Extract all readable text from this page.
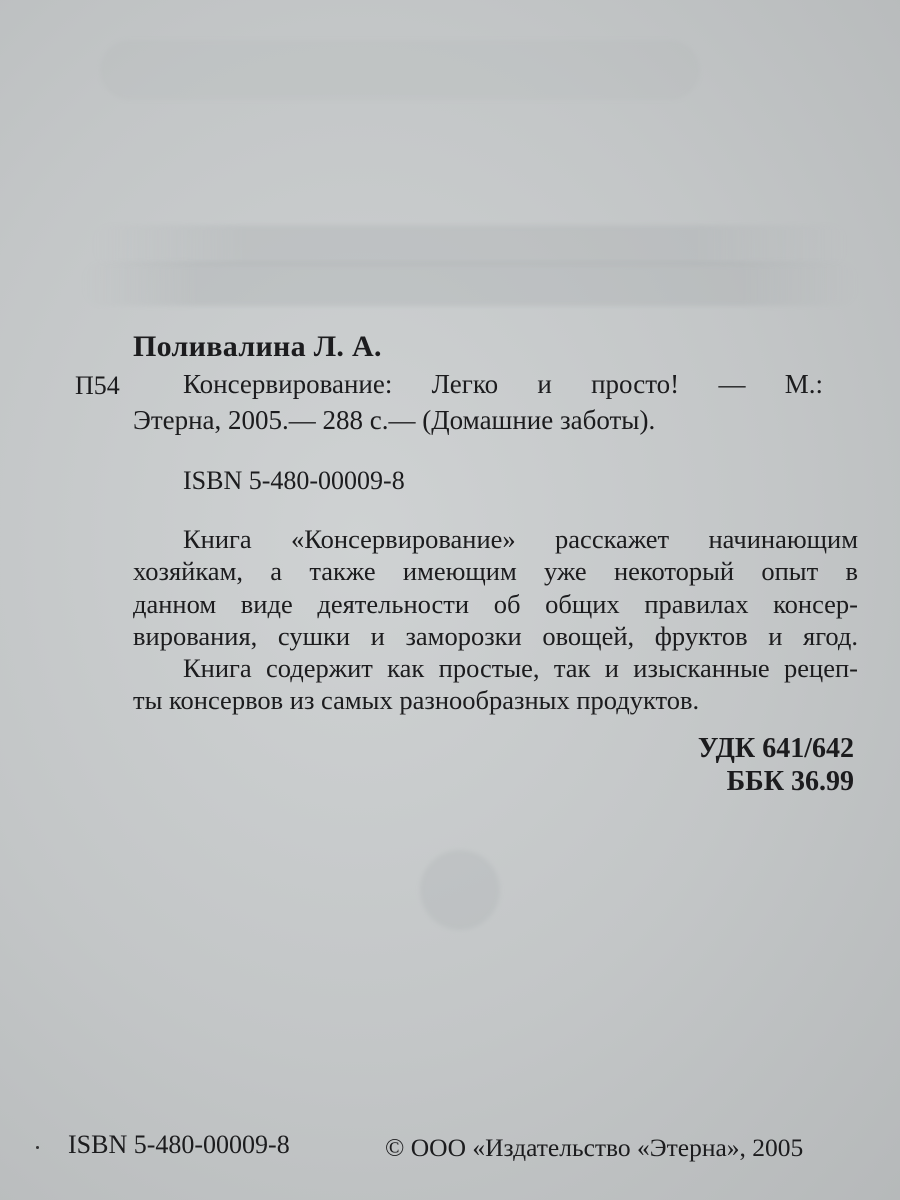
Поливалина Л. А.
П54	Консервирование: Легко и просто! — М.:
Этерна, 2005.— 288 с.— (Домашние заботы).
ISBN 5-480-00009-8
Книга «Консервирование» расскажет начинающим
хозяйкам, а также имеющим уже некоторый опыт в
данном виде деятельности об общих правилах консер-
вирования, сушки и заморозки овощей, фруктов и ягод.
Книга содержит как простые, так и изысканные рецеп-
ты консервов из самых разнообразных продуктов.
УДК 641/642
ББК 36.99
ISBN 5-480-00009-8	© ООО «Издательство «Этерна», 2005
